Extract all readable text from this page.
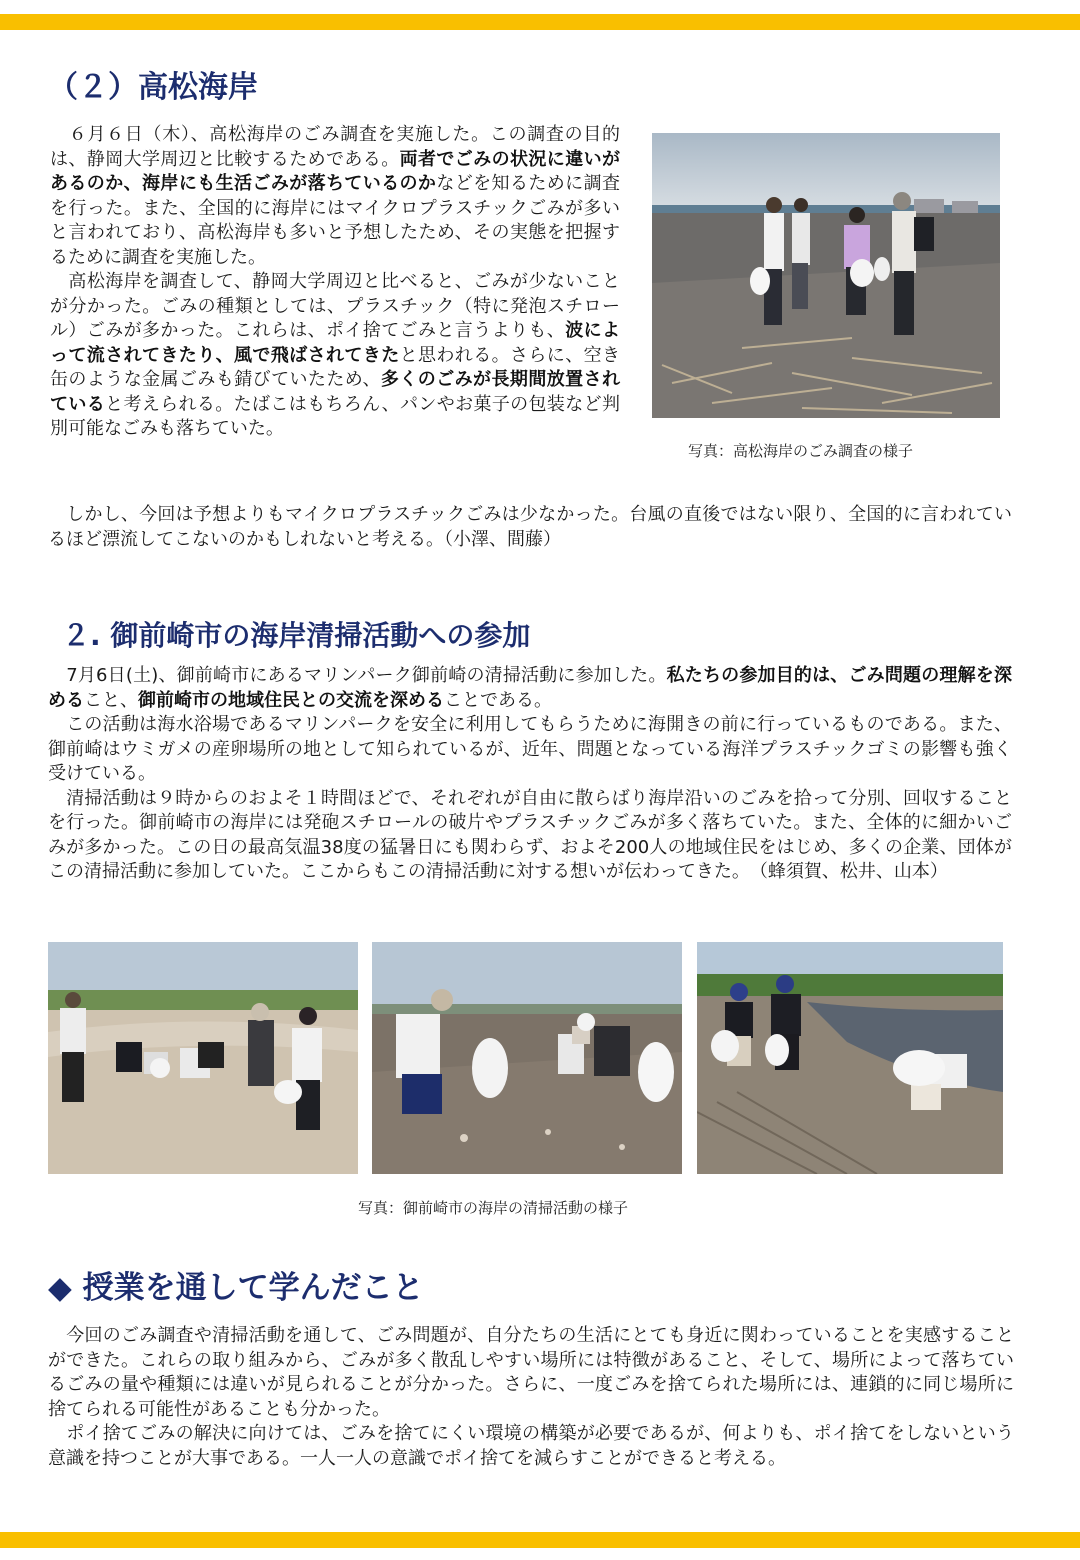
（２）高松海岸

　６月６日（木）、高松海岸のごみ調査を実施した。この調査の目的は、静岡大学周辺と比較するためである。両者でごみの状況に違いがあるのか、海岸にも生活ごみが落ちているのかなどを知るために調査を行った。また、全国的に海岸にはマイクロプラスチックごみが多いと言われており、高松海岸も多いと予想したため、その実態を把握するために調査を実施した。
　高松海岸を調査して、静岡大学周辺と比べると、ごみが少ないことが分かった。ごみの種類としては、プラスチック（特に発泡スチロール）ごみが多かった。これらは、ポイ捨てごみと言うよりも、波によって流されてきたり、風で飛ばされてきたと思われる。さらに、空き缶のような金属ごみも錆びていたため、多くのごみが長期間放置されていると考えられる。たばこはもちろん、パンやお菓子の包装など判別可能なごみも落ちていた。

写真：高松海岸のごみ調査の様子

　しかし、今回は予想よりもマイクロプラスチックごみは少なかった。台風の直後ではない限り、全国的に言われているほど漂流してこないのかもしれないと考える。（小澤、間藤）

２. 御前崎市の海岸清掃活動への参加

　7月6日(土)、御前崎市にあるマリンパーク御前崎の清掃活動に参加した。私たちの参加目的は、ごみ問題の理解を深めること、御前崎市の地域住民との交流を深めることである。
　この活動は海水浴場であるマリンパークを安全に利用してもらうために海開きの前に行っているものである。また、御前崎はウミガメの産卵場所の地として知られているが、近年、問題となっている海洋プラスチックゴミの影響も強く受けている。
　清掃活動は９時からのおよそ１時間ほどで、それぞれが自由に散らばり海岸沿いのごみを拾って分別、回収することを行った。御前崎市の海岸には発砲スチロールの破片やプラスチックごみが多く落ちていた。また、全体的に細かいごみが多かった。この日の最高気温38度の猛暑日にも関わらず、およそ200人の地域住民をはじめ、多くの企業、団体がこの清掃活動に参加していた。ここからもこの清掃活動に対する想いが伝わってきた。　（蜂須賀、松井、山本）

写真：御前崎市の海岸の清掃活動の様子

◆ 授業を通して学んだこと

　今回のごみ調査や清掃活動を通して、ごみ問題が、自分たちの生活にとても身近に関わっていることを実感することができた。これらの取り組みから、ごみが多く散乱しやすい場所には特徴があること、そして、場所によって落ちているごみの量や種類には違いが見られることが分かった。さらに、一度ごみを捨てられた場所には、連鎖的に同じ場所に捨てられる可能性があることも分かった。
　ポイ捨てごみの解決に向けては、ごみを捨てにくい環境の構築が必要であるが、何よりも、ポイ捨てをしないという意識を持つことが大事である。一人一人の意識でポイ捨てを減らすことができると考える。
